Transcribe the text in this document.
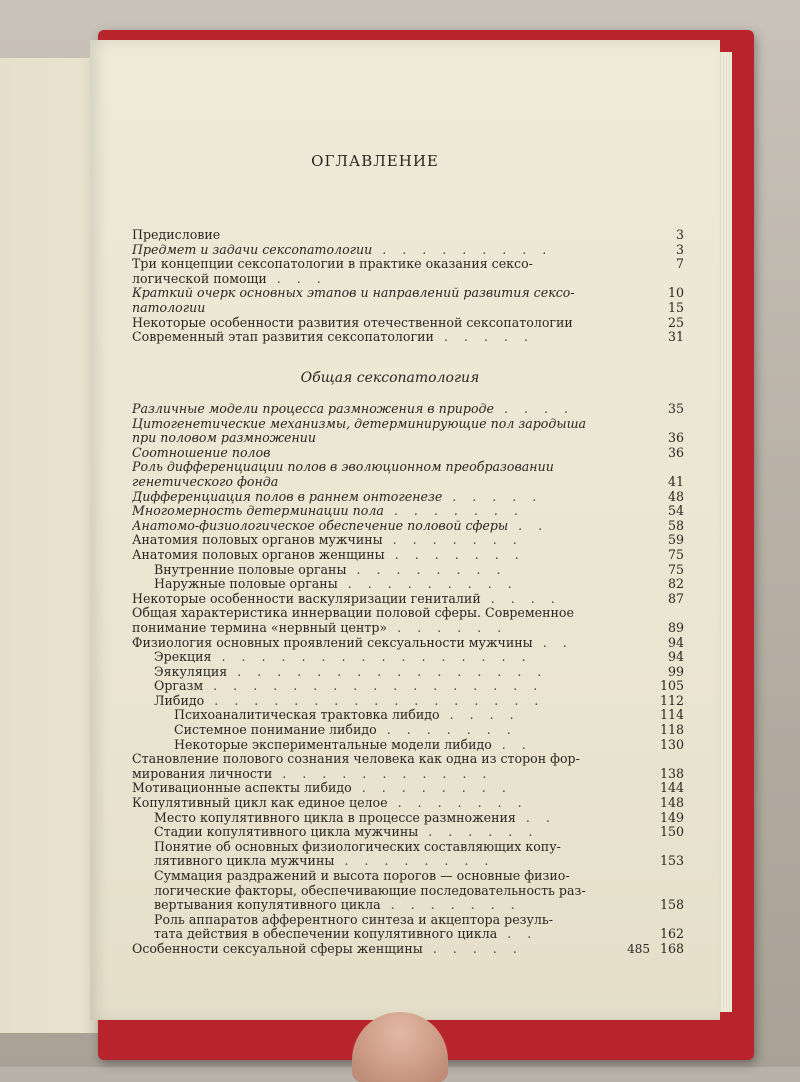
ОГЛАВЛЕНИЕ
Предисловие	3
Предмет и задачи сексопатологии . . . . . . . . .	3
Три концепции сексопатологии в практике оказания сексо-	7
логической помощи . . .
Краткий очерк основных этапов и направлений развития сексо-	10
патологии	15
Некоторые особенности развития отечественной сексопатологии	25
Современный этап развития сексопатологии . . . . .	31
Общая сексопатология
Различные модели процесса размножения в природе . . . .	35
Цитогенетические механизмы, детерминирующие пол зародыша
при половом размножении	36
Соотношение полов	36
Роль дифференциации полов в эволюционном преобразовании
генетического фонда	41
Дифференциация полов в раннем онтогенезе . . . . .	48
Многомерность детерминации пола . . . . . . .	54
Анатомо-физиологическое обеспечение половой сферы . .	58
Анатомия половых органов мужчины . . . . . . .	59
Анатомия половых органов женщины . . . . . . .	75
Внутренние половые органы . . . . . . . .	75
Наружные половые органы . . . . . . . . .	82
Некоторые особенности васкуляризации гениталий . . . .	87
Общая характеристика иннервации половой сферы. Современное
понимание термина «нервный центр» . . . . . .	89
Физиология основных проявлений сексуальности мужчины . .	94
Эрекция . . . . . . . . . . . . . . . .	94
Эякуляция . . . . . . . . . . . . . . . .	99
Оргазм . . . . . . . . . . . . . . . . .	105
Либидо . . . . . . . . . . . . . . . . .	112
Психоаналитическая трактовка либидо . . . .	114
Системное понимание либидо . . . . . . .	118
Некоторые экспериментальные модели либидо . .	130
Становление полового сознания человека как одна из сторон фор-
мирования личности . . . . . . . . . . .	138
Мотивационные аспекты либидо . . . . . . . .	144
Копулятивный цикл как единое целое . . . . . . .	148
Место копулятивного цикла в процессе размножения . .	149
Стадии копулятивного цикла мужчины . . . . . .	150
Понятие об основных физиологических составляющих копу-
лятивного цикла мужчины . . . . . . . .	153
Суммация раздражений и высота порогов — основные физио-
логические факторы, обеспечивающие последовательность раз-
вертывания копулятивного цикла . . . . . . .	158
Роль аппаратов афферентного синтеза и акцептора резуль-
тата действия в обеспечении копулятивного цикла . .	162
Особенности сексуальной сферы женщины . . . . .	168
485
